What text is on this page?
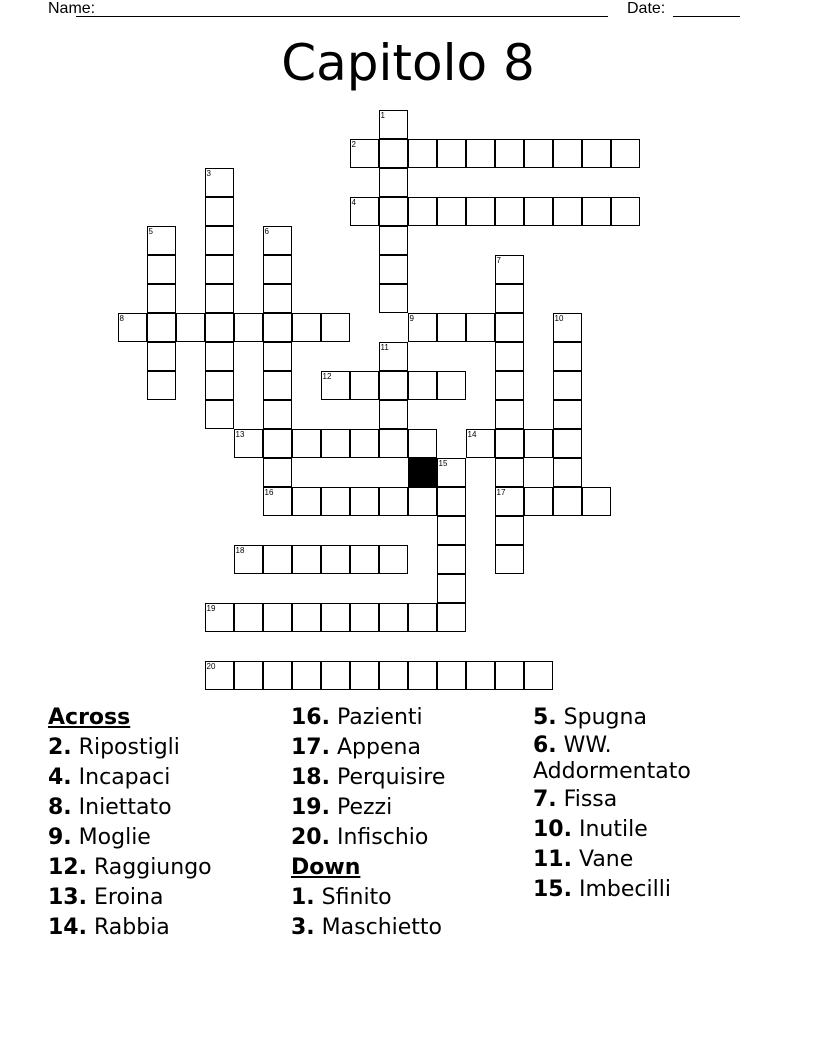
Name:	Date:
Capitolo 8
1
2
3
4
5	6
16
7
17
8	9	10
11
12
13	14
15
18
19
20
Across
2. Ripostigli
4. Incapaci
8. Iniettato
9. Moglie
12. Raggiungo
13. Eroina
14. Rabbia
16. Pazienti
17. Appena
18. Perquisire
19. Pezzi
20. Infischio
Down
1. Sfinito
3. Maschietto
5. Spugna
6. WW. Addormentato
7. Fissa
10. Inutile
11. Vane
15. Imbecilli
